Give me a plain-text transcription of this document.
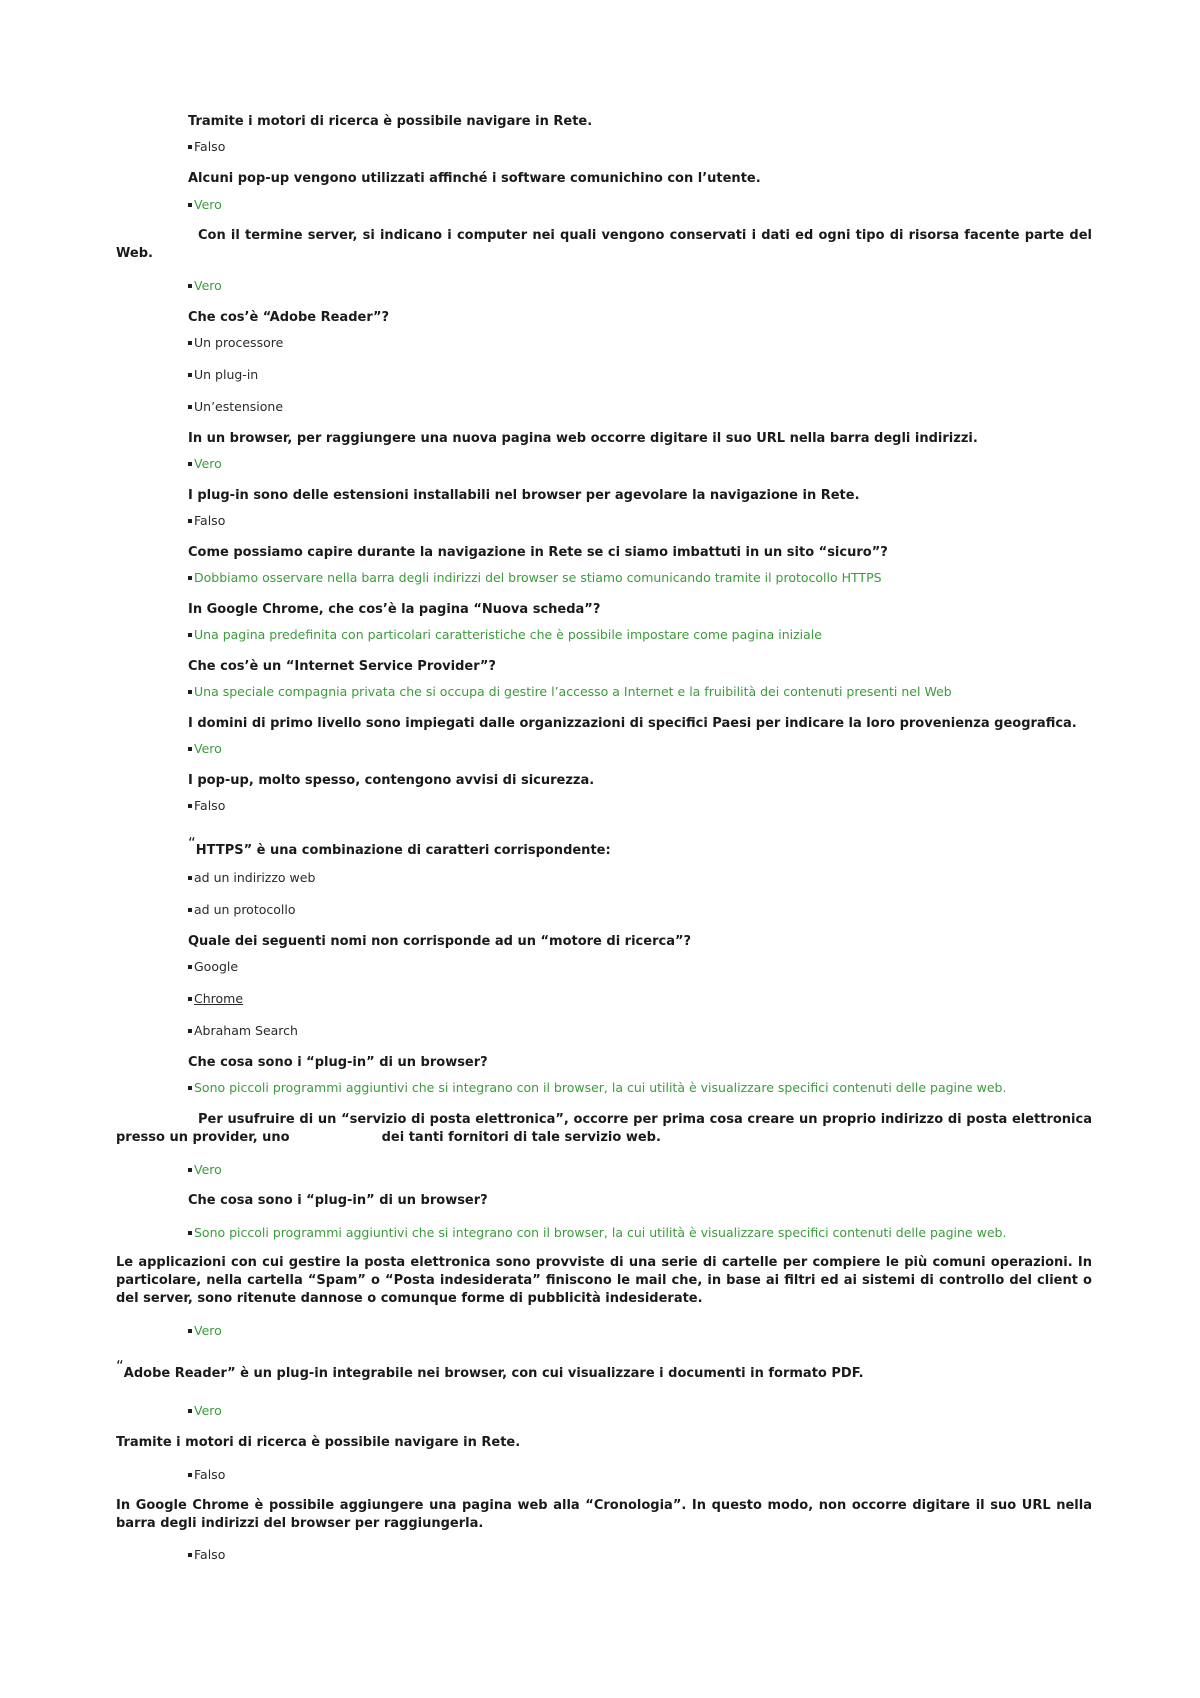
Tramite i motori di ricerca è possibile navigare in Rete.
Falso
Alcuni pop-up vengono utilizzati affinché i software comunichino con l’utente.
Vero
Con il termine server, si indicano i computer nei quali vengono conservati i dati ed ogni tipo di risorsa facente parte del Web.
Vero
Che cos’è “Adobe Reader”?
Un processore
Un plug-in
Un’estensione
In un browser, per raggiungere una nuova pagina web occorre digitare il suo URL nella barra degli indirizzi.
Vero
I plug-in sono delle estensioni installabili nel browser per agevolare la navigazione in Rete.
Falso
Come possiamo capire durante la navigazione in Rete se ci siamo imbattuti in un sito “sicuro”?
Dobbiamo osservare nella barra degli indirizzi del browser se stiamo comunicando tramite il protocollo HTTPS
In Google Chrome, che cos’è la pagina “Nuova scheda”?
Una pagina predefinita con particolari caratteristiche che è possibile impostare come pagina iniziale
Che cos’è un “Internet Service Provider”?
Una speciale compagnia privata che si occupa di gestire l’accesso a Internet e la fruibilità dei contenuti presenti nel Web
I domini di primo livello sono impiegati dalle organizzazioni di specifici Paesi per indicare la loro provenienza geografica.
Vero
I pop-up, molto spesso, contengono avvisi di sicurezza.
Falso
“HTTPS” è una combinazione di caratteri corrispondente:
ad un indirizzo web
ad un protocollo
Quale dei seguenti nomi non corrisponde ad un “motore di ricerca”?
Google
Chrome
Abraham Search
Che cosa sono i “plug-in” di un browser?
Sono piccoli programmi aggiuntivi che si integrano con il browser, la cui utilità è visualizzare specifici contenuti delle pagine web.
Per usufruire di un “servizio di posta elettronica”, occorre per prima cosa creare un proprio indirizzo di posta elettronica presso un provider, uno	dei tanti fornitori di tale servizio web.
Vero
Che cosa sono i “plug-in” di un browser?
Sono piccoli programmi aggiuntivi che si integrano con il browser, la cui utilità è visualizzare specifici contenuti delle pagine web.
Le applicazioni con cui gestire la posta elettronica sono provviste di una serie di cartelle per compiere le più comuni operazioni. In particolare, nella cartella “Spam” o “Posta indesiderata” finiscono le mail che, in base ai filtri ed ai sistemi di controllo del client o del server, sono ritenute dannose o comunque forme di pubblicità indesiderate.
Vero
“Adobe Reader” è un plug-in integrabile nei browser, con cui visualizzare i documenti in formato PDF.
Vero
Tramite i motori di ricerca è possibile navigare in Rete.
Falso
In Google Chrome è possibile aggiungere una pagina web alla “Cronologia”. In questo modo, non occorre digitare il suo URL nella barra degli indirizzi del browser per raggiungerla.
Falso
